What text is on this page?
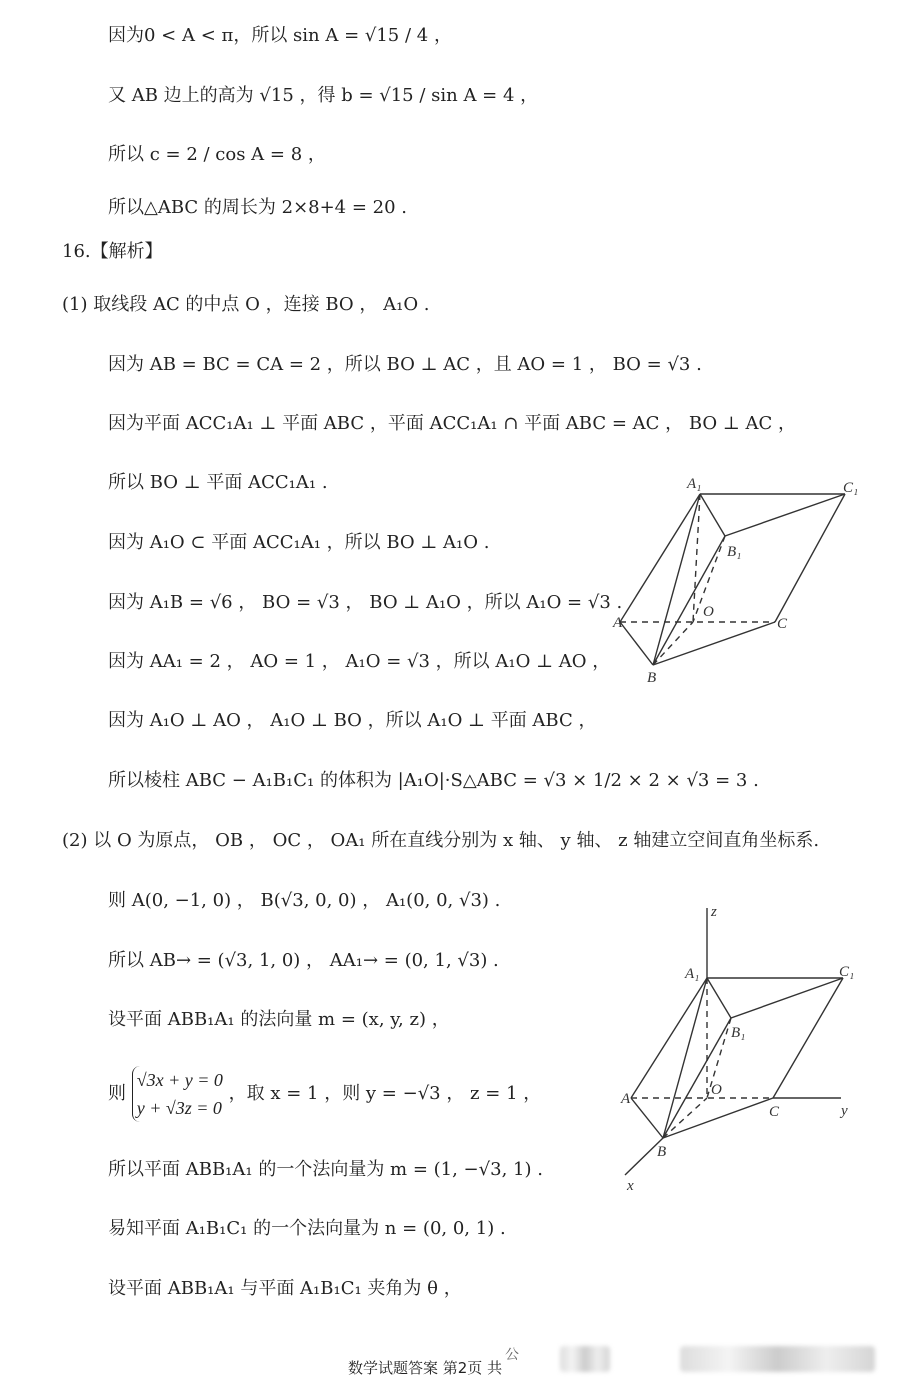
因为0 < A < π，所以 sin A = √15 / 4 ，
又 AB 边上的高为 √15 ，得 b = √15 / sin A = 4 ，
所以 c = 2 / cos A = 8 ，
所以△ABC 的周长为 2×8+4 = 20 .
16.【解析】
(1) 取线段 AC 的中点 O ，连接 BO ， A₁O .
因为 AB = BC = CA = 2 ，所以 BO ⊥ AC ，且 AO = 1 ， BO = √3 .
因为平面 ACC₁A₁ ⊥ 平面 ABC ，平面 ACC₁A₁ ∩ 平面 ABC = AC ， BO ⊥ AC ，
所以 BO ⊥ 平面 ACC₁A₁ .
因为 A₁O ⊂ 平面 ACC₁A₁ ，所以 BO ⊥ A₁O .
因为 A₁B = √6 ， BO = √3 ， BO ⊥ A₁O ，所以 A₁O = √3 .
因为 AA₁ = 2 ， AO = 1 ， A₁O = √3 ，所以 A₁O ⊥ AO ，
因为 A₁O ⊥ AO ， A₁O ⊥ BO ，所以 A₁O ⊥ 平面 ABC ，
所以棱柱 ABC − A₁B₁C₁ 的体积为 |A₁O|·S△ABC = √3 × 1/2 × 2 × √3 = 3 .
(2) 以 O 为原点， OB ， OC ， OA₁ 所在直线分别为 x 轴、 y 轴、 z 轴建立空间直角坐标系.
则 A(0, −1, 0) ， B(√3, 0, 0) ， A₁(0, 0, √3) .
所以 AB→ = (√3, 1, 0) ， AA₁→ = (0, 1, √3) .
设平面 ABB₁A₁ 的法向量 m = (x, y, z) ，
则
√3x + y = 0
y + √3z = 0
，取 x = 1 ，则 y = −√3 ， z = 1 ，
所以平面 ABB₁A₁ 的一个法向量为 m = (1, −√3, 1) .
易知平面 A₁B₁C₁ 的一个法向量为 n = (0, 0, 1) .
设平面 ABB₁A₁ 与平面 A₁B₁C₁ 夹角为 θ ，
A₁	C₁
B₁
O
A	C
B
z
A₁	C₁
B₁
O
A
C	y
B
x
数学试题答案 第2页 共
公
